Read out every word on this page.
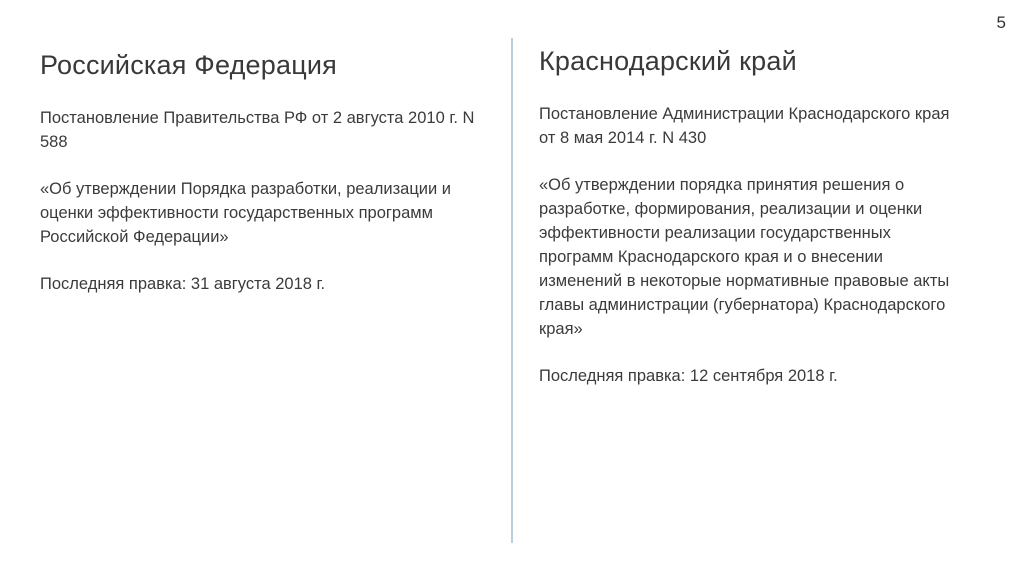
5
Российская Федерация

Постановление Правительства РФ от 2 августа 2010 г. N 588

«Об утверждении Порядка разработки, реализации и оценки эффективности государственных программ Российской Федерации»

Последняя правка: 31 августа 2018 г.

Краснодарский край

Постановление Администрации Краснодарского края от 8 мая 2014 г. N 430

«Об утверждении порядка принятия решения о разработке, формирования, реализации и оценки эффективности реализации государственных программ Краснодарского края и о внесении изменений в некоторые нормативные правовые акты главы администрации (губернатора) Краснодарского края»

Последняя правка: 12 сентября 2018 г.
